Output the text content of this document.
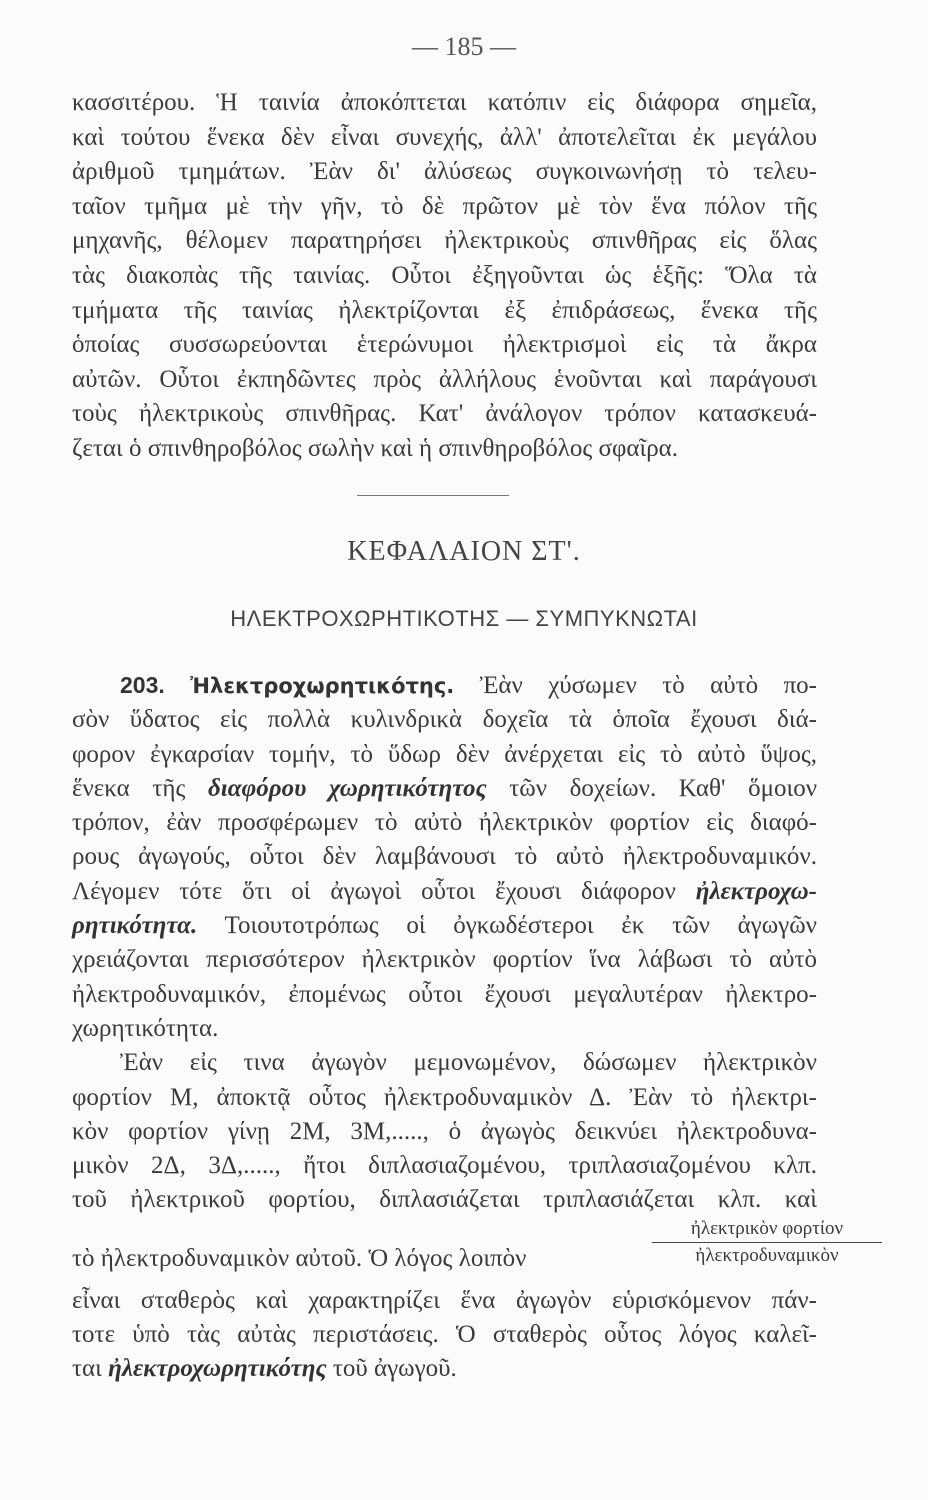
— 185 —
κασσιτέρου. Ἡ ταινία ἀποκόπτεται κατόπιν εἰς διάφορα σημεῖα,
καὶ τούτου ἕνεκα δὲν εἶναι συνεχής, ἀλλ' ἀποτελεῖται ἐκ μεγάλου
ἀριθμοῦ τμημάτων. Ἐὰν δι' ἀλύσεως συγκοινωνήσῃ τὸ τελευ-
ταῖον τμῆμα μὲ τὴν γῆν, τὸ δὲ πρῶτον μὲ τὸν ἕνα πόλον τῆς
μηχανῆς, θέλομεν παρατηρήσει ἠλεκτρικοὺς σπινθῆρας εἰς ὅλας
τὰς διακοπὰς τῆς ταινίας. Οὗτοι ἐξηγοῦνται ὡς ἑξῆς: Ὅλα τὰ
τμήματα τῆς ταινίας ἠλεκτρίζονται ἐξ ἐπιδράσεως, ἕνεκα τῆς
ὁποίας συσσωρεύονται ἑτερώνυμοι ἠλεκτρισμοὶ εἰς τὰ ἄκρα
αὐτῶν. Οὗτοι ἐκπηδῶντες πρὸς ἀλλήλους ἑνοῦνται καὶ παράγουσι
τοὺς ἠλεκτρικοὺς σπινθῆρας. Κατ' ἀνάλογον τρόπον κατασκευά-
ζεται ὁ σπινθηροβόλος σωλὴν καὶ ἡ σπινθηροβόλος σφαῖρα.
ΚΕΦΑΛΑΙΟΝ ΣΤ'.
ΗΛΕΚΤΡΟΧΩΡΗΤΙΚΟΤΗΣ — ΣΥΜΠΥΚΝΩΤΑΙ
203. Ἠλεκτροχωρητικότης. Ἐὰν χύσωμεν τὸ αὐτὸ πο-
σὸν ὕδατος εἰς πολλὰ κυλινδρικὰ δοχεῖα τὰ ὁποῖα ἔχουσι διά-
φορον ἐγκαρσίαν τομήν, τὸ ὕδωρ δὲν ἀνέρχεται εἰς τὸ αὐτὸ ὕψος,
ἕνεκα τῆς διαφόρου χωρητικότητος τῶν δοχείων. Καθ' ὅμοιον
τρόπον, ἐὰν προσφέρωμεν τὸ αὐτὸ ἠλεκτρικὸν φορτίον εἰς διαφό-
ρους ἀγωγούς, οὗτοι δὲν λαμβάνουσι τὸ αὐτὸ ἠλεκτροδυναμικόν.
Λέγομεν τότε ὅτι οἱ ἀγωγοὶ οὗτοι ἔχουσι διάφορον ἠλεκτροχω-
ρητικότητα. Τοιουτοτρόπως οἱ ὀγκωδέστεροι ἐκ τῶν ἀγωγῶν
χρειάζονται περισσότερον ἠλεκτρικὸν φορτίον ἵνα λάβωσι τὸ αὐτὸ
ἠλεκτροδυναμικόν, ἐπομένως οὗτοι ἔχουσι μεγαλυτέραν ἠλεκτρο-
χωρητικότητα.
Ἐὰν εἰς τινα ἀγωγὸν μεμονωμένον, δώσωμεν ἠλεκτρικὸν
φορτίον Μ, ἀποκτᾷ οὗτος ἠλεκτροδυναμικὸν Δ. Ἐὰν τὸ ἠλεκτρι-
κὸν φορτίον γίνῃ 2Μ, 3Μ,....., ὁ ἀγωγὸς δεικνύει ἠλεκτροδυνα-
μικὸν 2Δ, 3Δ,....., ἤτοι διπλασιαζομένου, τριπλασιαζομένου κλπ.
τοῦ ἠλεκτρικοῦ φορτίου, διπλασιάζεται τριπλασιάζεται κλπ. καὶ
τὸ ἠλεκτροδυναμικὸν αὐτοῦ. Ὁ λόγος λοιπὸν
ἠλεκτρικὸν φορτίον
ἠλεκτροδυναμικὸν
εἶναι σταθερὸς καὶ χαρακτηρίζει ἕνα ἀγωγὸν εὑρισκόμενον πάν-
τοτε ὑπὸ τὰς αὐτὰς περιστάσεις. Ὁ σταθερὸς οὗτος λόγος καλεῖ-
ται ἠλεκτροχωρητικότης τοῦ ἀγωγοῦ.
